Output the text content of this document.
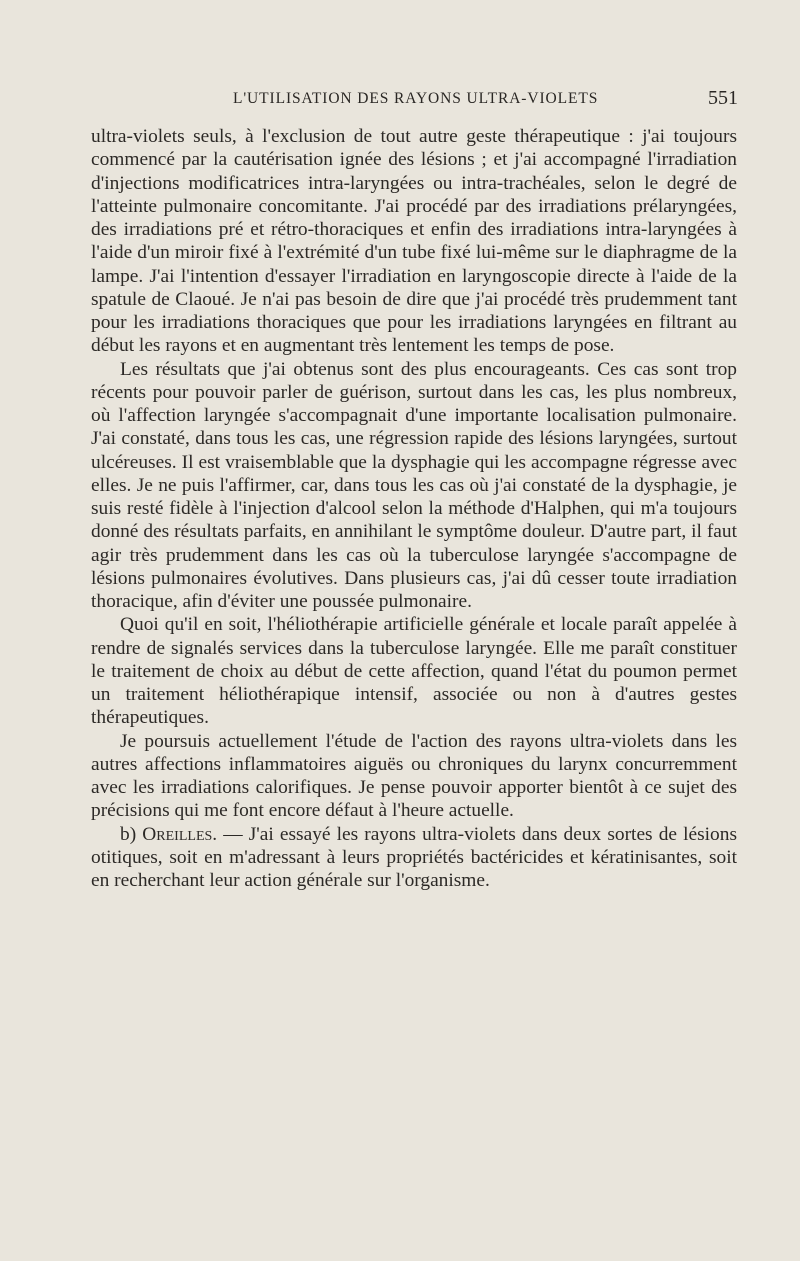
L'UTILISATION DES RAYONS ULTRA-VIOLETS	551

ultra-violets seuls, à l'exclusion de tout autre geste thérapeutique : j'ai toujours commencé par la cautérisation ignée des lésions ; et j'ai accompagné l'irradiation d'injections modificatrices intra-laryngées ou intra-trachéales, selon le degré de l'atteinte pulmonaire concomitante. J'ai procédé par des irradiations prélaryngées, des irradiations pré et rétro-thoraciques et enfin des irradiations intra-laryngées à l'aide d'un miroir fixé à l'extrémité d'un tube fixé lui-même sur le diaphragme de la lampe. J'ai l'intention d'essayer l'irradiation en laryngoscopie directe à l'aide de la spatule de Claoué. Je n'ai pas besoin de dire que j'ai procédé très prudemment tant pour les irradiations thoraciques que pour les irradiations laryngées en filtrant au début les rayons et en augmentant très lentement les temps de pose.

Les résultats que j'ai obtenus sont des plus encourageants. Ces cas sont trop récents pour pouvoir parler de guérison, surtout dans les cas, les plus nombreux, où l'affection laryngée s'accompagnait d'une importante localisation pulmonaire. J'ai constaté, dans tous les cas, une régression rapide des lésions laryngées, surtout ulcéreuses. Il est vraisemblable que la dysphagie qui les accompagne régresse avec elles. Je ne puis l'affirmer, car, dans tous les cas où j'ai constaté de la dysphagie, je suis resté fidèle à l'injection d'alcool selon la méthode d'Halphen, qui m'a toujours donné des résultats parfaits, en annihilant le symptôme douleur. D'autre part, il faut agir très prudemment dans les cas où la tuberculose laryngée s'accompagne de lésions pulmonaires évolutives. Dans plusieurs cas, j'ai dû cesser toute irradiation thoracique, afin d'éviter une poussée pulmonaire.

Quoi qu'il en soit, l'héliothérapie artificielle générale et locale paraît appelée à rendre de signalés services dans la tuberculose laryngée. Elle me paraît constituer le traitement de choix au début de cette affection, quand l'état du poumon permet un traitement héliothérapique intensif, associée ou non à d'autres gestes thérapeutiques.

Je poursuis actuellement l'étude de l'action des rayons ultra-violets dans les autres affections inflammatoires aiguës ou chroniques du larynx concurremment avec les irradiations calorifiques. Je pense pouvoir apporter bientôt à ce sujet des précisions qui me font encore défaut à l'heure actuelle.

b) Oreilles. — J'ai essayé les rayons ultra-violets dans deux sortes de lésions otitiques, soit en m'adressant à leurs propriétés bactéricides et kératinisantes, soit en recherchant leur action générale sur l'organisme.
